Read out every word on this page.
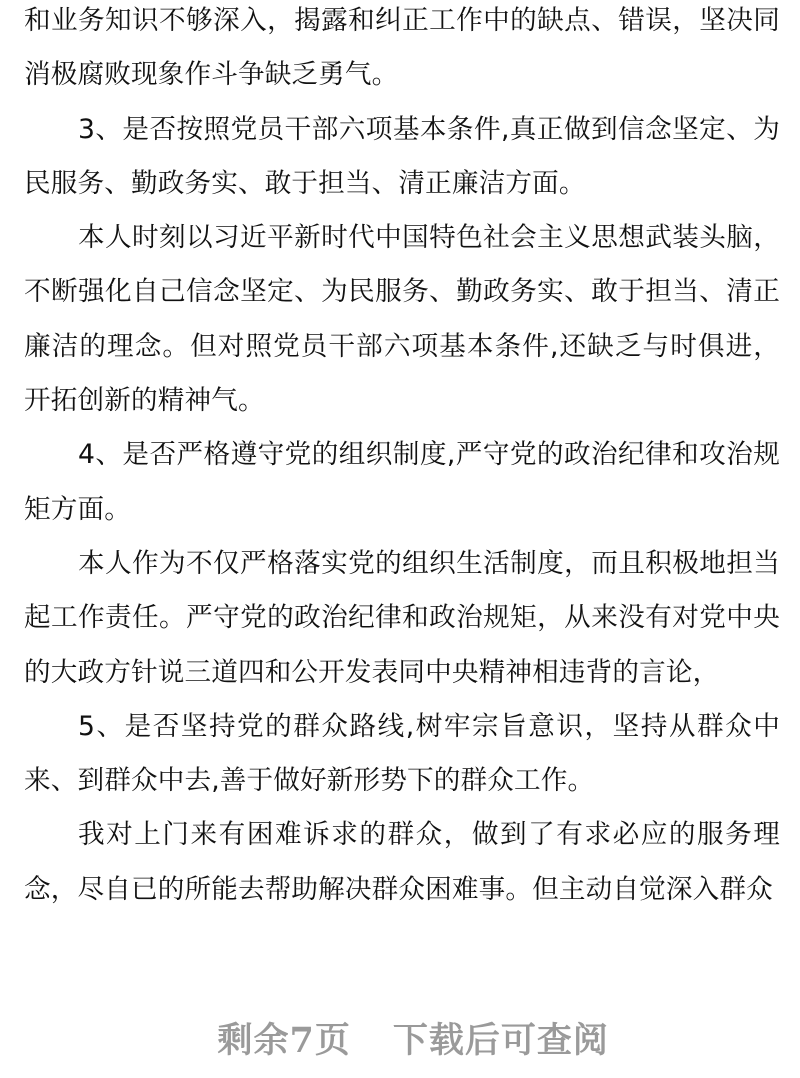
和业务知识不够深入，揭露和纠正工作中的缺点、错误，坚决同消极腐败现象作斗争缺乏勇气。

3、是否按照党员干部六项基本条件,真正做到信念坚定、为民服务、勤政务实、敢于担当、清正廉洁方面。

本人时刻以习近平新时代中国特色社会主义思想武装头脑，不断强化自己信念坚定、为民服务、勤政务实、敢于担当、清正廉洁的理念。但对照党员干部六项基本条件,还缺乏与时俱进，开拓创新的精神气。

4、是否严格遵守党的组织制度,严守党的政治纪律和攻治规矩方面。

本人作为不仅严格落实党的组织生活制度，而且积极地担当起工作责任。严守党的政治纪律和政治规矩，从来没有对党中央的大政方针说三道四和公开发表同中央精神相违背的言论，

5、是否坚持党的群众路线,树牢宗旨意识，坚持从群众中来、到群众中去,善于做好新形势下的群众工作。

我对上门来有困难诉求的群众，做到了有求必应的服务理念，尽自已的所能去帮助解决群众困难事。但主动自觉深入群众

剩余7页 下载后可查阅
